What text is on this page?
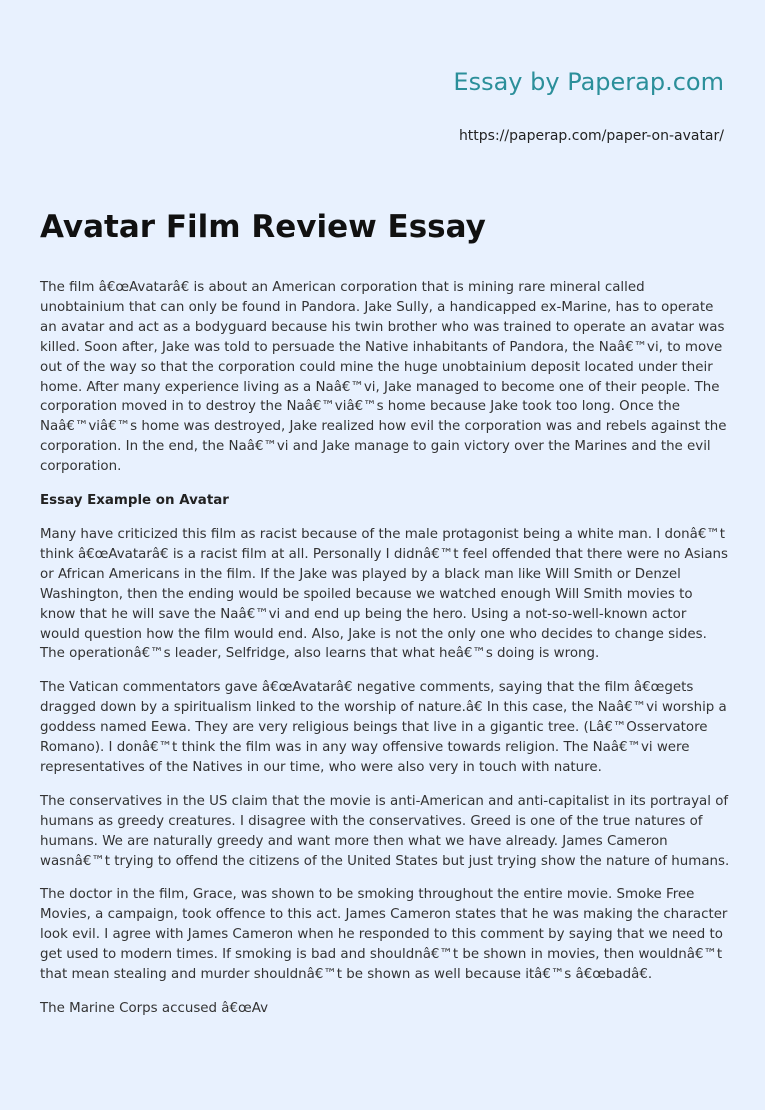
Essay by Paperap.com
https://paperap.com/paper-on-avatar/
Avatar Film Review Essay

The film â€œAvatarâ€ is about an American corporation that is mining rare mineral called unobtainium that can only be found in Pandora. Jake Sully, a handicapped ex-Marine, has to operate an avatar and act as a bodyguard because his twin brother who was trained to operate an avatar was killed. Soon after, Jake was told to persuade the Native inhabitants of Pandora, the Naâ€™vi, to move out of the way so that the corporation could mine the huge unobtainium deposit located under their home. After many experience living as a Naâ€™vi, Jake managed to become one of their people. The corporation moved in to destroy the Naâ€™viâ€™s home because Jake took too long. Once the Naâ€™viâ€™s home was destroyed, Jake realized how evil the corporation was and rebels against the corporation. In the end, the Naâ€™vi and Jake manage to gain victory over the Marines and the evil corporation.

Essay Example on Avatar

Many have criticized this film as racist because of the male protagonist being a white man. I donâ€™t think â€œAvatarâ€ is a racist film at all. Personally I didnâ€™t feel offended that there were no Asians or African Americans in the film. If the Jake was played by a black man like Will Smith or Denzel Washington, then the ending would be spoiled because we watched enough Will Smith movies to know that he will save the Naâ€™vi and end up being the hero. Using a not-so-well-known actor would question how the film would end. Also, Jake is not the only one who decides to change sides. The operationâ€™s leader, Selfridge, also learns that what heâ€™s doing is wrong.

The Vatican commentators gave â€œAvatarâ€ negative comments, saying that the film â€œgets dragged down by a spiritualism linked to the worship of nature.â€ In this case, the Naâ€™vi worship a goddess named Eewa. They are very religious beings that live in a gigantic tree. (Lâ€™Osservatore Romano). I donâ€™t think the film was in any way offensive towards religion. The Naâ€™vi were representatives of the Natives in our time, who were also very in touch with nature.

The conservatives in the US claim that the movie is anti-American and anti-capitalist in its portrayal of humans as greedy creatures. I disagree with the conservatives. Greed is one of the true natures of humans. We are naturally greedy and want more then what we have already. James Cameron wasnâ€™t trying to offend the citizens of the United States but just trying show the nature of humans.

The doctor in the film, Grace, was shown to be smoking throughout the entire movie. Smoke Free Movies, a campaign, took offence to this act. James Cameron states that he was making the character look evil. I agree with James Cameron when he responded to this comment by saying that we need to get used to modern times. If smoking is bad and shouldnâ€™t be shown in movies, then wouldnâ€™t that mean stealing and murder shouldnâ€™t be shown as well because itâ€™s â€œbadâ€.

The Marine Corps accused â€œAv
